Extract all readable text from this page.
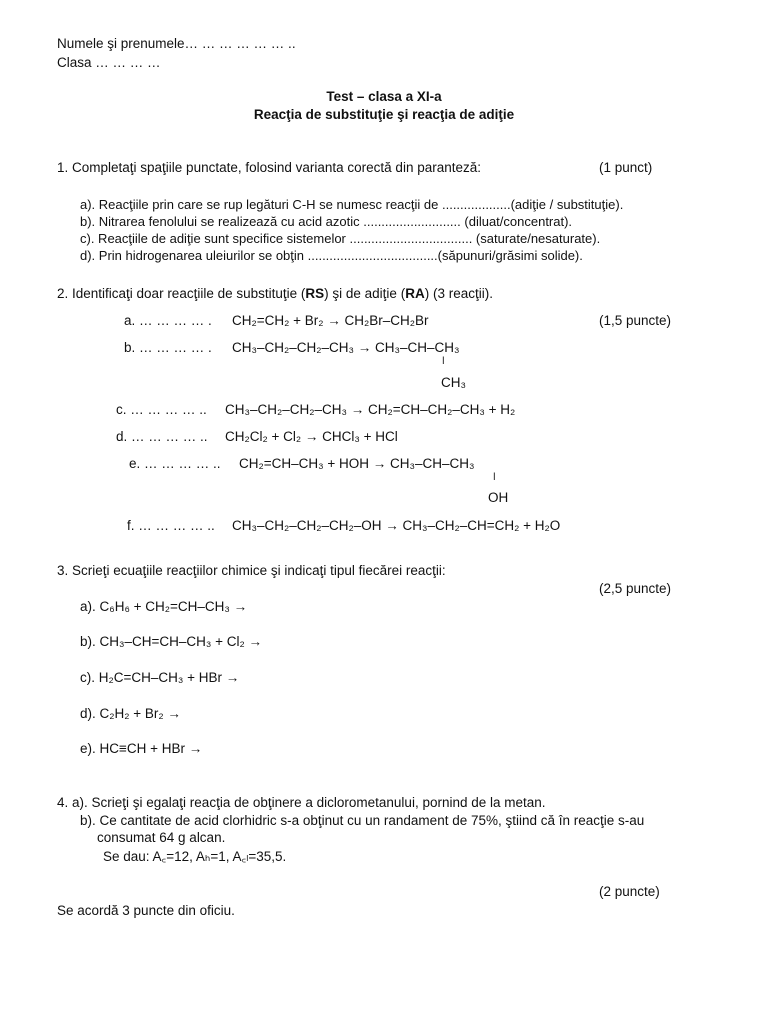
Numele şi prenumele… … … … … … ..
Clasa … … … …
Test – clasa a XI-a
Reacţia de substituţie şi reacţia de adiţie
1. Completaţi spaţiile punctate, folosind varianta corectă din paranteză:	(1 punct)
a). Reacţiile prin care se rup legături C-H se numesc reacţii de ...................(adiţie / substituţie).
b). Nitrarea fenolului se realizează cu acid azotic ........................... (diluat/concentrat).
c). Reacţiile de adiţie sunt specifice sistemelor .................................. (saturate/nesaturate).
d). Prin hidrogenarea uleiurilor se obţin ....................................(săpunuri/grăsimi solide).
2. Identificaţi doar reacţiile de substituţie (RS) şi de adiţie (RA) (3 reacţii).
(1,5 puncte)
a. … … … … . CH₂=CH₂ + Br₂ → CH₂Br–CH₂Br
b. … … … … . CH₃–CH₂–CH₂–CH₃ → CH₃–CH–CH₃
ǀ
CH₃
c. … … … … .. CH₃–CH₂–CH₂–CH₃ → CH₂=CH–CH₂–CH₃ + H₂
d. … … … … .. CH₂Cl₂ + Cl₂ → CHCl₃ + HCl
e. … … … … .. CH₂=CH–CH₃ + HOH → CH₃–CH–CH₃
ǀ
OH
f. … … … … .. CH₃–CH₂–CH₂–CH₂–OH → CH₃–CH₂–CH=CH₂ + H₂O
3. Scrieţi ecuaţiile reacţiilor chimice şi indicaţi tipul fiecărei reacţii:
(2,5 puncte)
a). C₆H₆ + CH₂=CH–CH₃ →
b). CH₃–CH=CH–CH₃ + Cl₂ →
c). H₂C=CH–CH₃ + HBr →
d). C₂H₂ + Br₂ →
e). HC≡CH + HBr →
4. a). Scrieţi şi egalaţi reacţia de obţinere a diclorometanului, pornind de la metan.
b). Ce cantitate de acid clorhidric s-a obţinut cu un randament de 75%, ştiind că în reacţie s-au
consumat 64 g alcan.
Se dau: A꜀=12, Aₕ=1, A꜀ₗ=35,5.
(2 puncte)
Se acordă 3 puncte din oficiu.
